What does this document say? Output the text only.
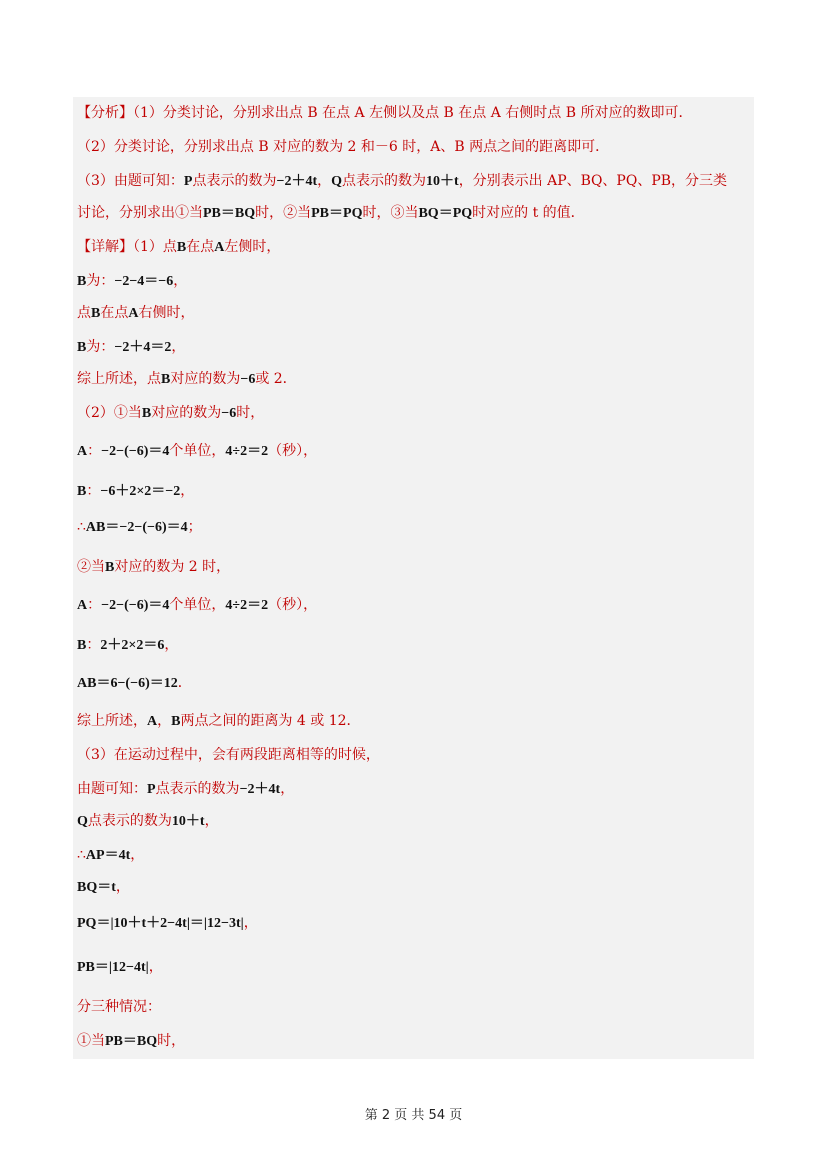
【分析】（1）分类讨论，分别求出点 B 在点 A 左侧以及点 B 在点 A 右侧时点 B 所对应的数即可．
（2）分类讨论，分别求出点 B 对应的数为 2 和－6 时，A、B 两点之间的距离即可．
（3）由题可知：P点表示的数为−2＋4t，Q点表示的数为10＋t，分别表示出 AP、BQ、PQ、PB，分三类
讨论，分别求出①当PB＝BQ时，②当PB＝PQ时，③当BQ＝PQ时对应的 t 的值．
【详解】（1）点B在点A左侧时，
B为：−2−4＝−6，
点B在点A右侧时，
B为：−2＋4＝2，
综上所述，点B对应的数为−6或 2．
（2）①当B对应的数为−6时，
A：−2−(−6)＝4个单位，4÷2＝2（秒），
B：−6＋2×2＝−2，
∴AB＝−2−(−6)＝4；
②当B对应的数为 2 时，
A：−2−(−6)＝4个单位，4÷2＝2（秒），
B：2＋2×2＝6，
AB＝6−(−6)＝12．
综上所述，A，B两点之间的距离为 4 或 12．
（3）在运动过程中，会有两段距离相等的时候，
由题可知：P点表示的数为−2＋4t，
Q点表示的数为10＋t，
∴AP＝4t，
BQ＝t，
PQ＝|10＋t＋2−4t|＝|12−3t|，
PB＝|12−4t|，
分三种情况：
①当PB＝BQ时，
第 2 页 共 54 页
